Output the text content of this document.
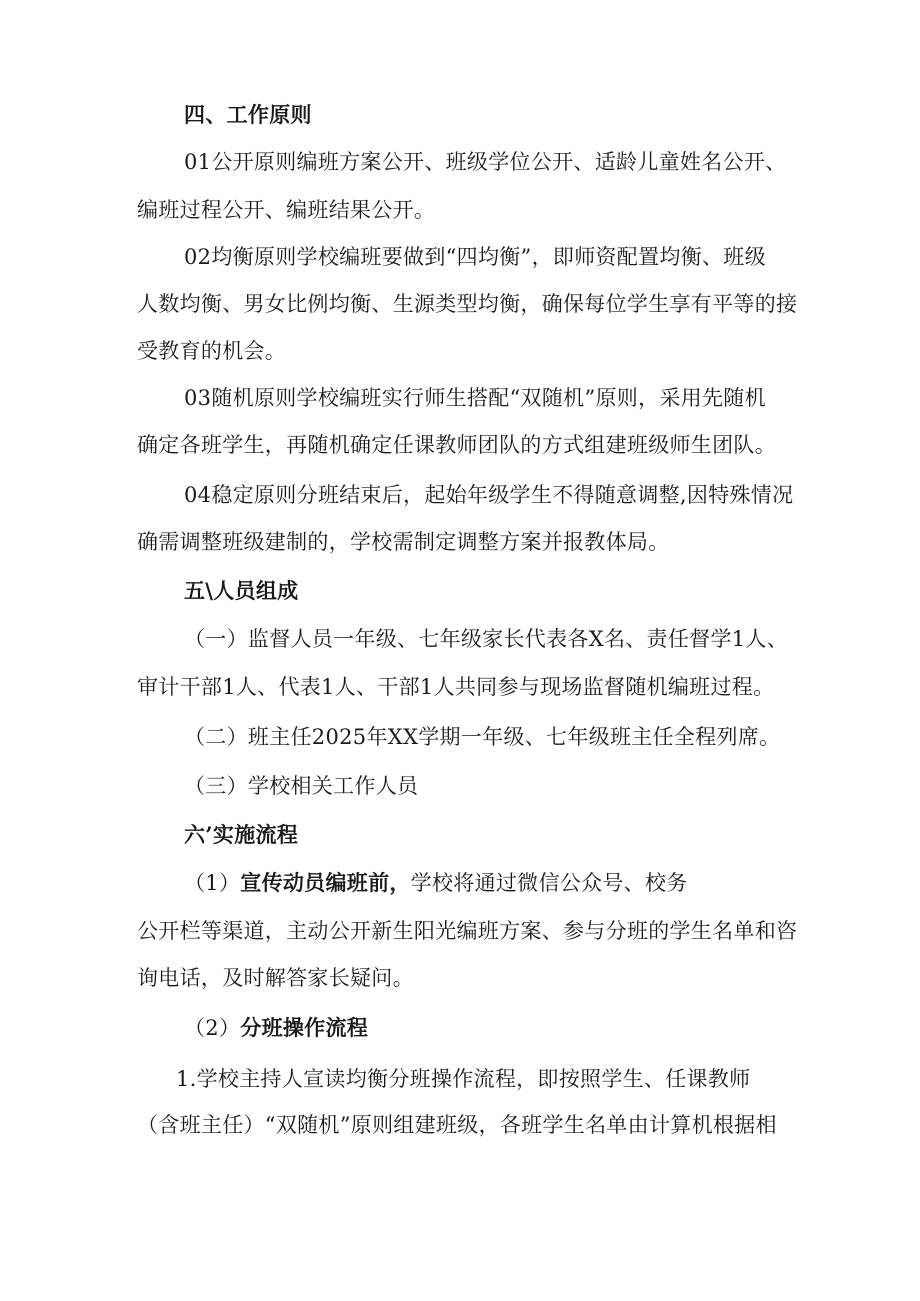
四、工作原则
01公开原则编班方案公开、班级学位公开、适龄儿童姓名公开、
编班过程公开、编班结果公开。
02均衡原则学校编班要做到“四均衡”，即师资配置均衡、班级
人数均衡、男女比例均衡、生源类型均衡，确保每位学生享有平等的接
受教育的机会。
03随机原则学校编班实行师生搭配“双随机”原则，采用先随机
确定各班学生，再随机确定任课教师团队的方式组建班级师生团队。
04稳定原则分班结束后，起始年级学生不得随意调整,因特殊情况
确需调整班级建制的，学校需制定调整方案并报教体局。
五\人员组成
（一）监督人员一年级、七年级家长代表各X名、责任督学1人、
审计干部1人、代表1人、干部1人共同参与现场监督随机编班过程。
（二）班主任2025年XX学期一年级、七年级班主任全程列席。
（三）学校相关工作人员
六’实施流程
（1）宣传动员编班前，学校将通过微信公众号、校务
公开栏等渠道，主动公开新生阳光编班方案、参与分班的学生名单和咨
询电话，及时解答家长疑问。
（2）分班操作流程
1.学校主持人宣读均衡分班操作流程，即按照学生、任课教师
（含班主任）“双随机”原则组建班级，各班学生名单由计算机根据相
